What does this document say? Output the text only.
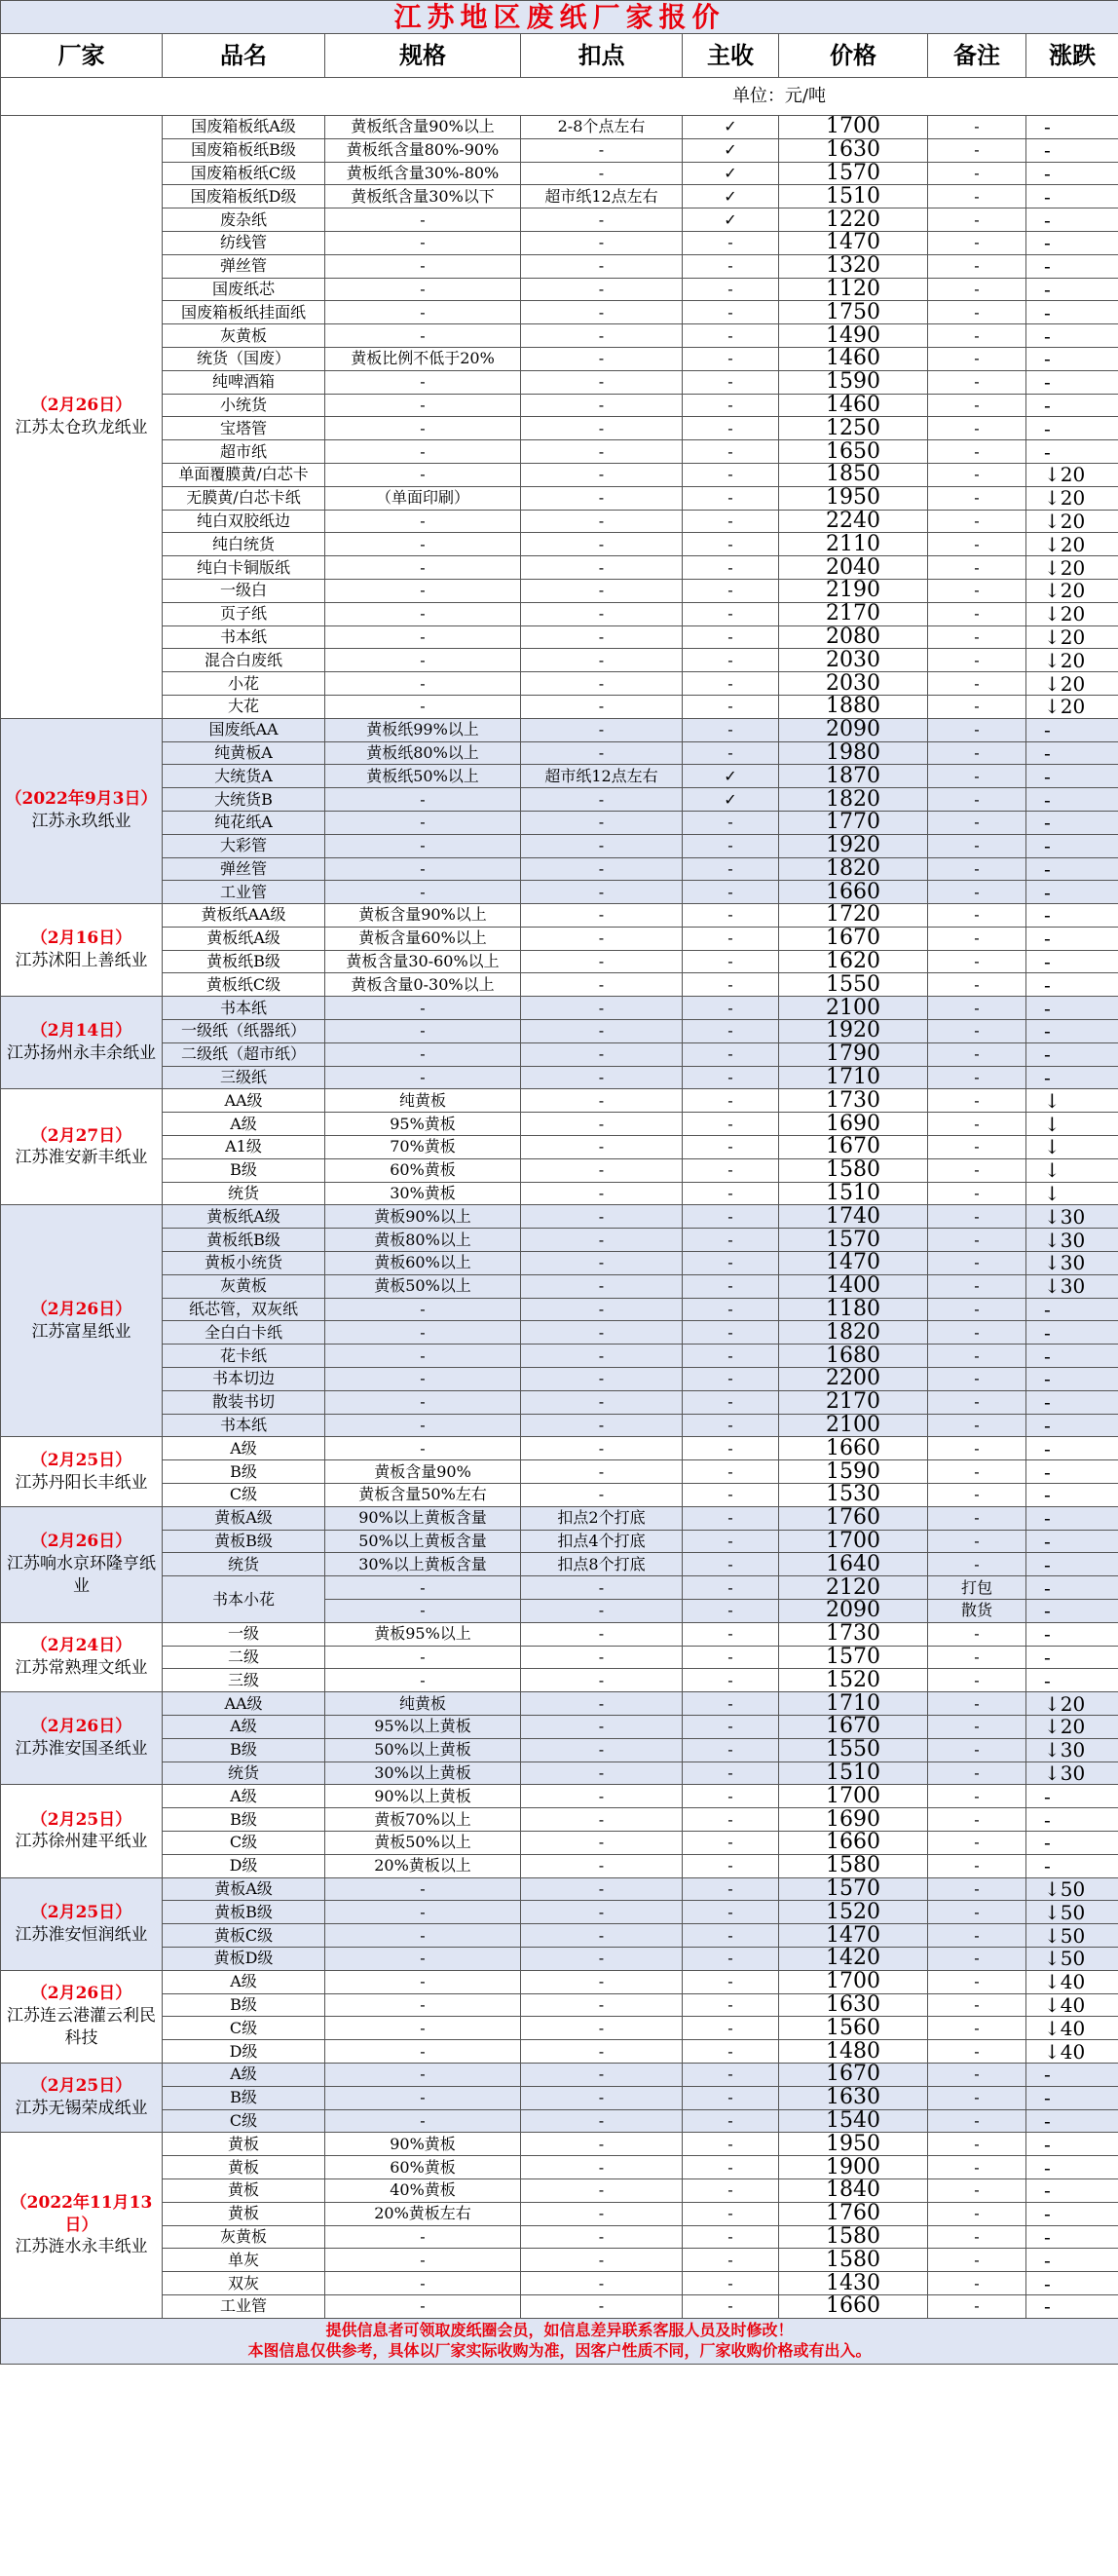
江苏地区废纸厂家报价							
厂家	品名	规格	扣点	主收	价格	备注	涨跌
单位：元/吨							

（2月26日）
江苏太仓玖龙纸业	国废箱板纸A级	黄板纸含量90%以上	2-8个点左右	✓	1700	-	-
	国废箱板纸B级	黄板纸含量80%-90%	-	✓	1630	-	-
	国废箱板纸C级	黄板纸含量30%-80%	-	✓	1570	-	-
	国废箱板纸D级	黄板纸含量30%以下	超市纸12点左右	✓	1510	-	-
	废杂纸	-	-	✓	1220	-	-
	纺线管	-	-	-	1470	-	-
	弹丝管	-	-	-	1320	-	-
	国废纸芯	-	-	-	1120	-	-
	国废箱板纸挂面纸	-	-	-	1750	-	-
	灰黄板	-	-	-	1490	-	-
	统货（国废）	黄板比例不低于20%	-	-	1460	-	-
	纯啤酒箱	-	-	-	1590	-	-
	小统货	-	-	-	1460	-	-
	宝塔管	-	-	-	1250	-	-
	超市纸	-	-	-	1650	-	-
	单面覆膜黄/白芯卡	-	-	-	1850	-	↓20
	无膜黄/白芯卡纸	（单面印刷）	-	-	1950	-	↓20
	纯白双胶纸边	-	-	-	2240	-	↓20
	纯白统货	-	-	-	2110	-	↓20
	纯白卡铜版纸	-	-	-	2040	-	↓20
	一级白	-	-	-	2190	-	↓20
	页子纸	-	-	-	2170	-	↓20
	书本纸	-	-	-	2080	-	↓20
	混合白废纸	-	-	-	2030	-	↓20
	小花	-	-	-	2030	-	↓20
	大花	-	-	-	1880	-	↓20

（2022年9月3日）
江苏永玖纸业	国废纸AA	黄板纸99%以上	-	-	2090	-	-
	纯黄板A	黄板纸80%以上	-	-	1980	-	-
	大统货A	黄板纸50%以上	超市纸12点左右	✓	1870	-	-
	大统货B	-	-	✓	1820	-	-
	纯花纸A	-	-	-	1770	-	-
	大彩管	-	-	-	1920	-	-
	弹丝管	-	-	-	1820	-	-
	工业管	-	-	-	1660	-	-

（2月16日）
江苏沭阳上善纸业	黄板纸AA级	黄板含量90%以上	-	-	1720	-	-
	黄板纸A级	黄板含量60%以上	-	-	1670	-	-
	黄板纸B级	黄板含量30-60%以上	-	-	1620	-	-
	黄板纸C级	黄板含量0-30%以上	-	-	1550	-	-

（2月14日）
江苏扬州永丰余纸业	书本纸	-	-	-	2100	-	-
	一级纸（纸器纸）	-	-	-	1920	-	-
	二级纸（超市纸）	-	-	-	1790	-	-
	三级纸	-	-	-	1710	-	-

（2月27日）
江苏淮安新丰纸业	AA级	纯黄板	-	-	1730	-	↓
	A级	95%黄板	-	-	1690	-	↓
	A1级	70%黄板	-	-	1670	-	↓
	B级	60%黄板	-	-	1580	-	↓
	统货	30%黄板	-	-	1510	-	↓

（2月26日）
江苏富星纸业	黄板纸A级	黄板90%以上	-	-	1740	-	↓30
	黄板纸B级	黄板80%以上	-	-	1570	-	↓30
	黄板小统货	黄板60%以上	-	-	1470	-	↓30
	灰黄板	黄板50%以上	-	-	1400	-	↓30
	纸芯管，双灰纸	-	-	-	1180	-	-
	全白白卡纸	-	-	-	1820	-	-
	花卡纸	-	-	-	1680	-	-
	书本切边	-	-	-	2200	-	-
	散装书切	-	-	-	2170	-	-
	书本纸	-	-	-	2100	-	-

（2月25日）
江苏丹阳长丰纸业	A级	-	-	-	1660	-	-
	B级	黄板含量90%	-	-	1590	-	-
	C级	黄板含量50%左右	-	-	1530	-	-

（2月26日）
江苏响水京环隆亨纸业	黄板A级	90%以上黄板含量	扣点2个打底	-	1760	-	-
	黄板B级	50%以上黄板含量	扣点4个打底	-	1700	-	-
	统货	30%以上黄板含量	扣点8个打底	-	1640	-	-
	书本小花	-	-	-	2120	打包	-
		-	-	-	2090	散货	-

（2月24日）
江苏常熟理文纸业	一级	黄板95%以上	-	-	1730	-	-
	二级	-	-	-	1570	-	-
	三级	-	-	-	1520	-	-

（2月26日）
江苏淮安国圣纸业	AA级	纯黄板	-	-	1710	-	↓20
	A级	95%以上黄板	-	-	1670	-	↓20
	B级	50%以上黄板	-	-	1550	-	↓30
	统货	30%以上黄板	-	-	1510	-	↓30

（2月25日）
江苏徐州建平纸业	A级	90%以上黄板	-	-	1700	-	-
	B级	黄板70%以上	-	-	1690	-	-
	C级	黄板50%以上	-	-	1660	-	-
	D级	20%黄板以上	-	-	1580	-	-

（2月25日）
江苏淮安恒润纸业	黄板A级	-	-	-	1570	-	↓50
	黄板B级	-	-	-	1520	-	↓50
	黄板C级	-	-	-	1470	-	↓50
	黄板D级	-	-	-	1420	-	↓50

（2月26日）
江苏连云港灌云利民科技	A级	-	-	-	1700	-	↓40
	B级	-	-	-	1630	-	↓40
	C级	-	-	-	1560	-	↓40
	D级	-	-	-	1480	-	↓40

（2月25日）
江苏无锡荣成纸业	A级	-	-	-	1670	-	-
	B级	-	-	-	1630	-	-
	C级	-	-	-	1540	-	-

（2022年11月13日）
江苏涟水永丰纸业	黄板	90%黄板	-	-	1950	-	-
	黄板	60%黄板	-	-	1900	-	-
	黄板	40%黄板	-	-	1840	-	-
	黄板	20%黄板左右	-	-	1760	-	-
	灰黄板	-	-	-	1580	-	-
	单灰	-	-	-	1580	-	-
	双灰	-	-	-	1430	-	-
	工业管	-	-	-	1660	-	-

提供信息者可领取废纸圈会员，如信息差异联系客服人员及时修改！
本图信息仅供参考，具体以厂家实际收购为准，因客户性质不同，厂家收购价格或有出入。							
